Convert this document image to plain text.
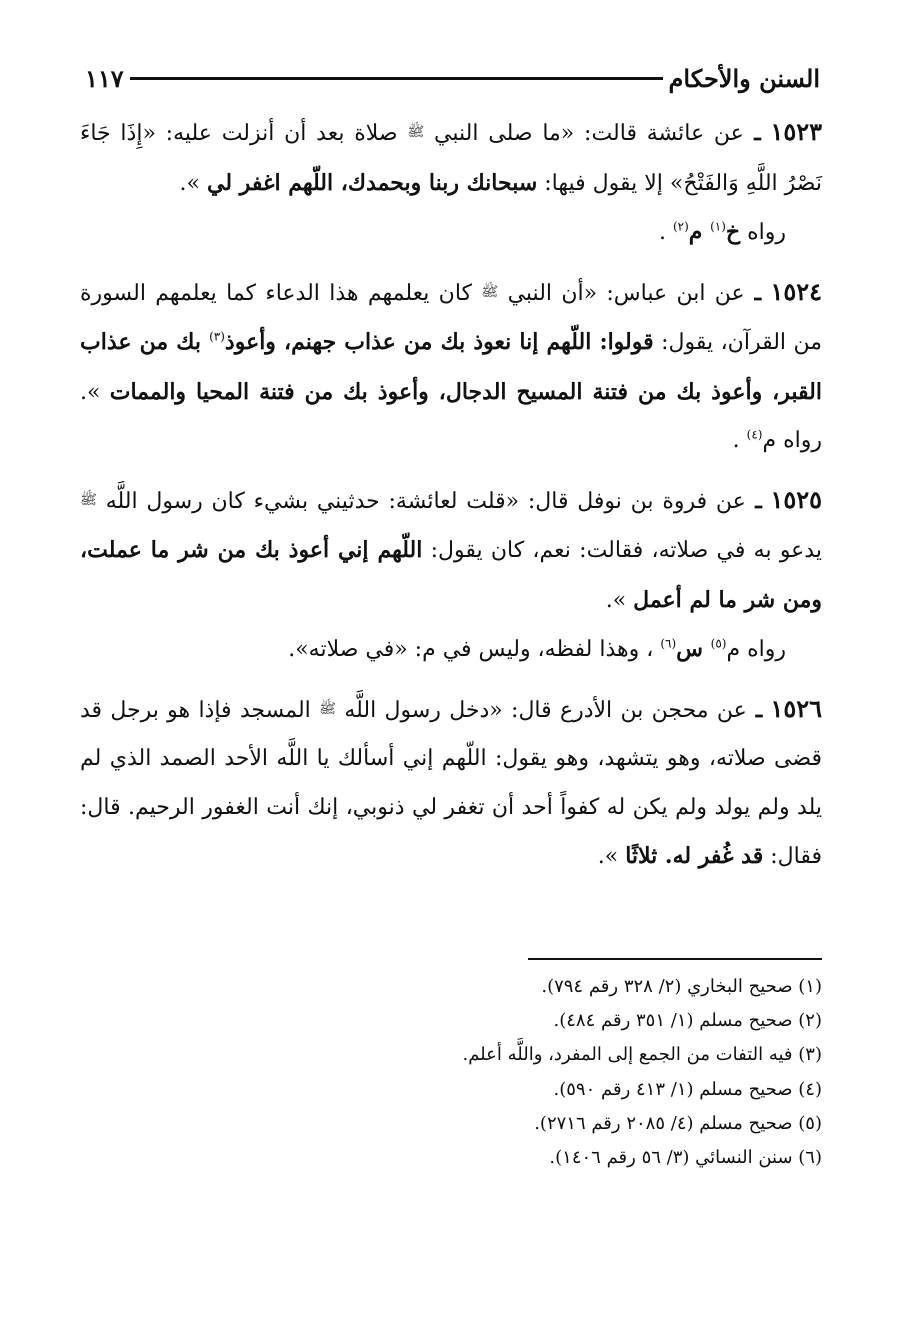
السنن والأحكام
١١٧
١٥٢٣ ـ عن عائشة قالت: «ما صلى النبي ﷺ صلاة بعد أن أنزلت عليه: «إِذَا جَاءَ نَصْرُ اللَّهِ وَالفَتْحُ» إلا يقول فيها: سبحانك ربنا وبحمدك، اللّهم اغفر لي ».
رواه خ$^{(١)}$ م$^{(٢)}$ .
١٥٢٤ ـ عن ابن عباس: «أن النبي ﷺ كان يعلمهم هذا الدعاء كما يعلمهم السورة من القرآن، يقول: قولوا: اللّهم إنا نعوذ بك من عذاب جهنم، وأعوذ$^{(٣)}$ بك من عذاب القبر، وأعوذ بك من فتنة المسيح الدجال، وأعوذ بك من فتنة المحيا والممات ». رواه م$^{(٤)}$ .
١٥٢٥ ـ عن فروة بن نوفل قال: «قلت لعائشة: حدثيني بشيء كان رسول اللَّه ﷺ يدعو به في صلاته، فقالت: نعم، كان يقول: اللّهم إني أعوذ بك من شر ما عملت، ومن شر ما لم أعمل ».
رواه م$^{(٥)}$ س$^{(٦)}$ ، وهذا لفظه، وليس في م: «في صلاته».
١٥٢٦ ـ عن محجن بن الأدرع قال: «دخل رسول اللَّه ﷺ المسجد فإذا هو برجل قد قضى صلاته، وهو يتشهد، وهو يقول: اللّهم إني أسألك يا اللَّه الأحد الصمد الذي لم يلد ولم يولد ولم يكن له كفواً أحد أن تغفر لي ذنوبي، إنك أنت الغفور الرحيم. قال: فقال: قد غُفر له. ثلاثًا ».
(١) صحيح البخاري (٢/ ٣٢٨ رقم ٧٩٤).
(٢) صحيح مسلم (١/ ٣٥١ رقم ٤٨٤).
(٣) فيه التفات من الجمع إلى المفرد، واللَّه أعلم.
(٤) صحيح مسلم (١/ ٤١٣ رقم ٥٩٠).
(٥) صحيح مسلم (٤/ ٢٠٨٥ رقم ٢٧١٦).
(٦) سنن النسائي (٣/ ٥٦ رقم ١٤٠٦).
